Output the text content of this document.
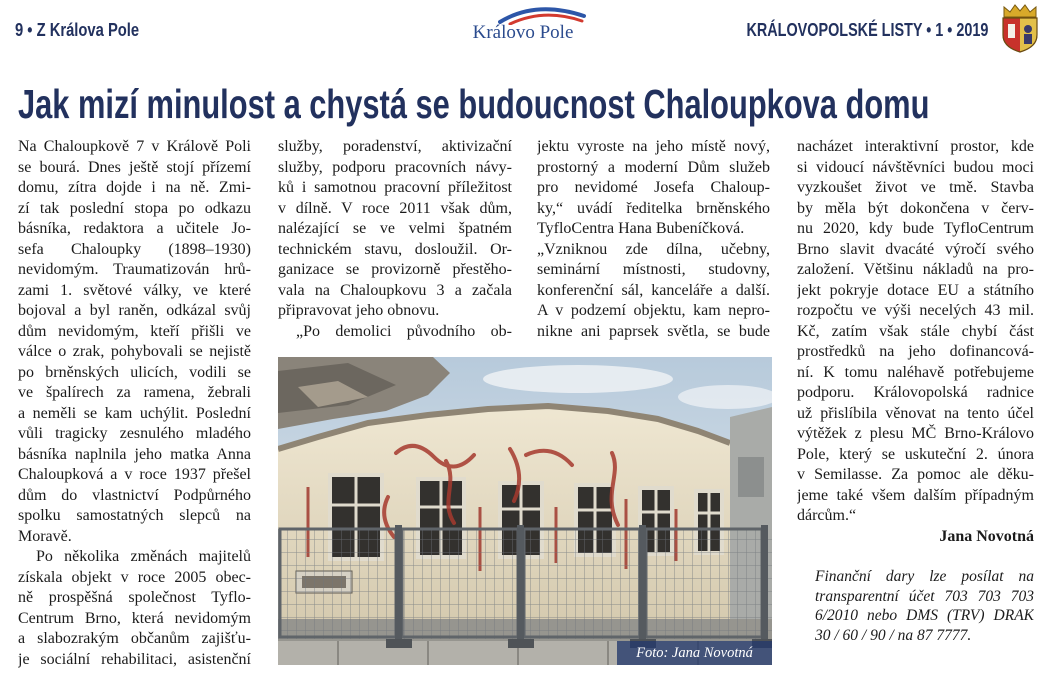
9 • Z Králova Pole	Královo Pole	KRÁLOVOPOLSKÉ LISTY • 1 • 2019
Jak mizí minulost a chystá se budoucnost Chaloupkova domu
Na Chaloupkově 7 v Králově Poli
se bourá. Dnes ještě stojí přízemí
domu, zítra dojde i na ně. Zmi-
zí tak poslední stopa po odkazu
básníka, redaktora a učitele Jo-
sefa Chaloupky (1898–1930)
nevidomým. Traumatizován hrů-
zami 1. světové války, ve které
bojoval a byl raněn, odkázal svůj
dům nevidomým, kteří přišli ve
válce o zrak, pohybovali se nejistě
po brněnských ulicích, vodili se
ve špalírech za ramena, žebrali
a neměli se kam uchýlit. Poslední
vůli tragicky zesnulého mladého
básníka naplnila jeho matka Anna
Chaloupková a v roce 1937 přešel
dům do vlastnictví Podpůrného
spolku samostatných slepců na
Moravě.
Po několika změnách majitelů
získala objekt v roce 2005 obec-
ně prospěšná společnost Tyflo-
Centrum Brno, která nevidomým
a slabozrakým občanům zajišťu-
je sociální rehabilitaci, asistenční
služby, poradenství, aktivizační
služby, podporu pracovních návy-
ků i samotnou pracovní příležitost
v dílně. V roce 2011 však dům,
nalézající se ve velmi špatném
technickém stavu, dosloužil. Or-
ganizace se provizorně přestěho-
vala na Chaloupkovu 3 a začala
připravovat jeho obnovu.
„Po demolici původního ob-
jektu vyroste na jeho místě nový,
prostorný a moderní Dům služeb
pro nevidomé Josefa Chaloup-
ky,“ uvádí ředitelka brněnského
TyfloCentra Hana Bubeníčková.
„Vzniknou zde dílna, učebny,
seminární místnosti, studovny,
konferenční sál, kanceláře a další.
A v podzemí objektu, kam nepro-
nikne ani paprsek světla, se bude
nacházet interaktivní prostor, kde
si vidoucí návštěvníci budou moci
vyzkoušet život ve tmě. Stavba
by měla být dokončena v červ-
nu 2020, kdy bude TyfloCentrum
Brno slavit dvacáté výročí svého
založení. Většinu nákladů na pro-
jekt pokryje dotace EU a státního
rozpočtu ve výši necelých 43 mil.
Kč, zatím však stále chybí část
prostředků na jeho dofinancová-
ní. K tomu naléhavě potřebujeme
podporu. Královopolská radnice
už přislíbila věnovat na tento účel
výtěžek z plesu MČ Brno-Královo
Pole, který se uskuteční 2. února
v Semilasse. Za pomoc ale děku-
jeme také všem dalším případným
dárcům.“
Jana Novotná
Finanční dary lze posílat na
transparentní účet 703 703 703
6/2010 nebo DMS (TRV) DRAK
30 / 60 / 90 / na 87 7777.
Foto: Jana Novotná
